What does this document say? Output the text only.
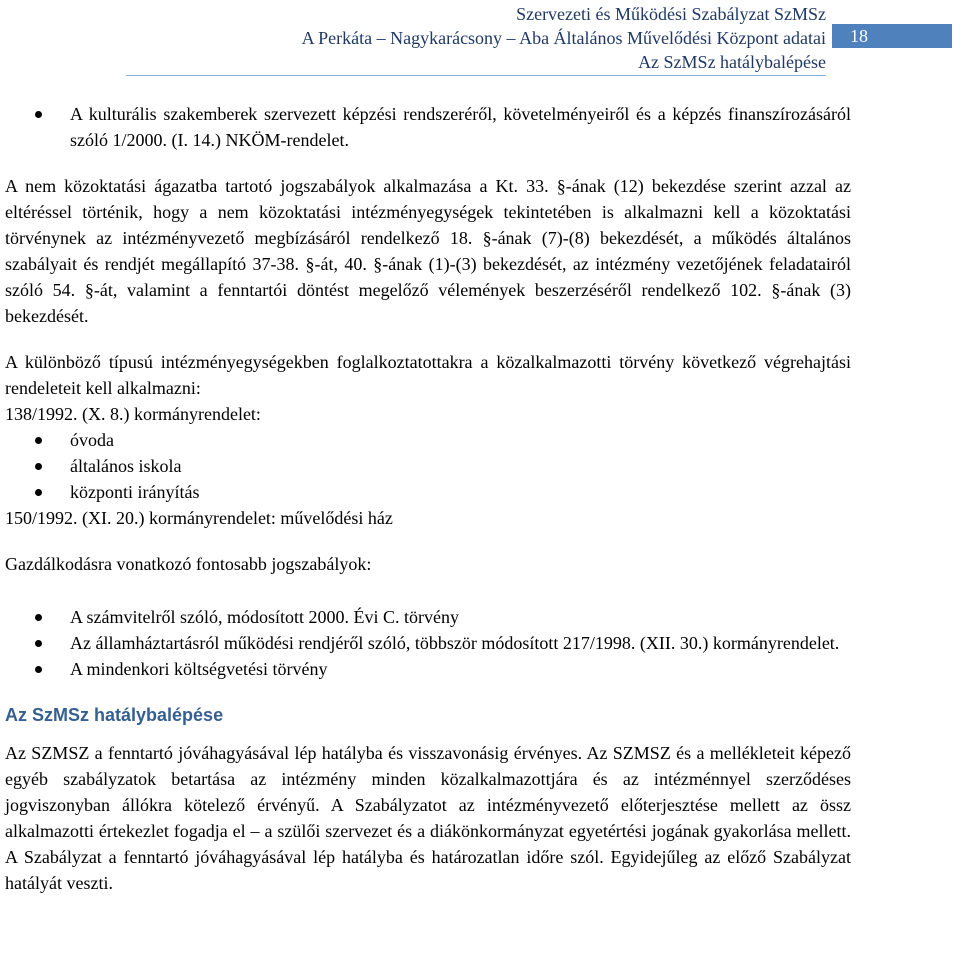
Szervezeti és Működési Szabályzat SzMSz
A Perkáta – Nagykarácsony – Aba Általános Művelődési Központ adatai
Az SzMSz hatálybalépése
18
A kulturális szakemberek szervezett képzési rendszeréről, követelményeiről és a képzés finanszírozásáról szóló 1/2000. (I. 14.) NKÖM-rendelet.

A nem közoktatási ágazatba tartotó jogszabályok alkalmazása a Kt. 33. §-ának (12) bekezdése szerint azzal az eltéréssel történik, hogy a nem közoktatási intézményegységek tekintetében is alkalmazni kell a közoktatási törvénynek az intézményvezető megbízásáról rendelkező 18. §-ának (7)-(8) bekezdését, a működés általános szabályait és rendjét megállapító 37-38. §-át, 40. §-ának (1)-(3) bekezdését, az intézmény vezetőjének feladatairól szóló 54. §-át, valamint a fenntartói döntést megelőző vélemények beszerzéséről rendelkező 102. §-ának (3) bekezdését.

A különböző típusú intézményegységekben foglalkoztatottakra a közalkalmazotti törvény következő végrehajtási rendeleteit kell alkalmazni:

138/1992. (X. 8.) kormányrendelet:

óvoda
általános iskola
központi irányítás

150/1992. (XI. 20.) kormányrendelet: művelődési ház

Gazdálkodásra vonatkozó fontosabb jogszabályok:

A számvitelről szóló, módosított 2000. Évi C. törvény
Az államháztartásról működési rendjéről szóló, többször módosított 217/1998. (XII. 30.) kormányrendelet.
A mindenkori költségvetési törvény

Az SzMSz hatálybalépése

Az SZMSZ a fenntartó jóváhagyásával lép hatályba és visszavonásig érvényes. Az SZMSZ és a mellékleteit képező egyéb szabályzatok betartása az intézmény minden közalkalmazottjára és az intézménnyel szerződéses jogviszonyban állókra kötelező érvényű. A Szabályzatot az intézményvezető előterjesztése mellett az össz alkalmazotti értekezlet fogadja el – a szülői szervezet és a diákönkormányzat egyetértési jogának gyakorlása mellett. A Szabályzat a fenntartó jóváhagyásával lép hatályba és határozatlan időre szól. Egyidejűleg az előző Szabályzat hatályát veszti.
